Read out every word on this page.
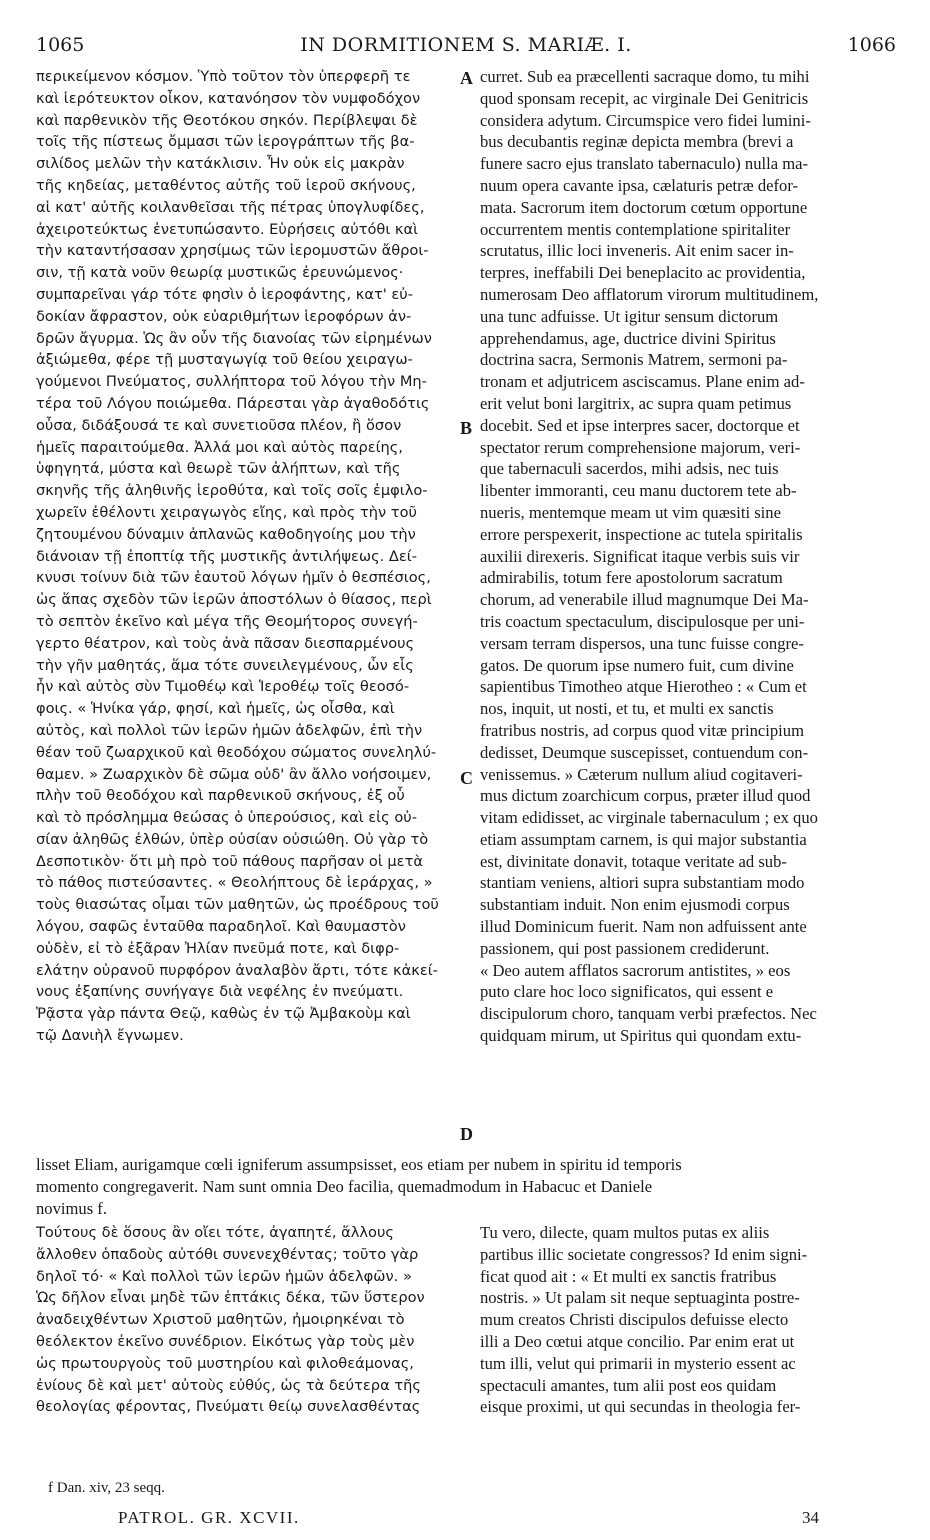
1065	IN DORMITIONEM S. MARIÆ. I.	1066
περικείμενον κόσμον. Ὑπὸ τοῦτον τὸν ὑπερφερῆ τε
καὶ ἱερότευκτον οἶκον, κατανόησον τὸν νυμφοδόχον
καὶ παρθενικὸν τῆς Θεοτόκου σηκόν. Περίβλεψαι δὲ
τοῖς τῆς πίστεως ὄμμασι τῶν ἱερογράπτων τῆς βα-
σιλίδος μελῶν τὴν κατάκλισιν. Ἦν οὐκ εἰς μακρὰν
τῆς κηδείας, μεταθέντος αὐτῆς τοῦ ἱεροῦ σκήνους,
αἱ κατ' αὐτῆς κοιλανθεῖσαι τῆς πέτρας ὑπογλυφίδες,
ἀχειροτεύκτως ἐνετυπώσαντο. Εὑρήσεις αὐτόθι καὶ
τὴν καταντήσασαν χρησίμως τῶν ἱερομυστῶν ἄθροι-
σιν, τῇ κατὰ νοῦν θεωρίᾳ μυστικῶς ἐρευνώμενος·
συμπαρεῖναι γάρ τότε φησὶν ὁ ἱεροφάντης, κατ' εὐ-
δοκίαν ἄφραστον, οὐκ εὐαριθμήτων ἱεροφόρων ἀν-
δρῶν ἄγυρμα. Ὡς ἂν οὖν τῆς διανοίας τῶν εἰρημένων
ἀξιώμεθα, φέρε τῇ μυσταγωγίᾳ τοῦ θείου χειραγω-
γούμενοι Πνεύματος, συλλήπτορα τοῦ λόγου τὴν Μη-
τέρα τοῦ Λόγου ποιώμεθα. Πάρεσται γὰρ ἀγαθοδότις
οὖσα, διδάξουσά τε καὶ συνετιοῦσα πλέον, ἢ ὅσον
ἡμεῖς παραιτούμεθα. Ἀλλά μοι καὶ αὐτὸς παρείης,
ὑφηγητά, μύστα καὶ θεωρὲ τῶν ἀλήπτων, καὶ τῆς
σκηνῆς τῆς ἀληθινῆς ἱεροθύτα, καὶ τοῖς σοῖς ἐμφιλο-
χωρεῖν ἐθέλοντι χειραγωγὸς εἴης, καὶ πρὸς τὴν τοῦ
ζητουμένου δύναμιν ἀπλανῶς καθοδηγοίης μου τὴν
διάνοιαν τῇ ἐποπτίᾳ τῆς μυστικῆς ἀντιλήψεως. Δεί-
κνυσι τοίνυν διὰ τῶν ἑαυτοῦ λόγων ἡμῖν ὁ θεσπέσιος,
ὡς ἅπας σχεδὸν τῶν ἱερῶν ἀποστόλων ὁ θίασος, περὶ
τὸ σεπτὸν ἐκεῖνο καὶ μέγα τῆς Θεομήτορος συνεγή-
γερτο θέατρον, καὶ τοὺς ἀνὰ πᾶσαν διεσπαρμένους
τὴν γῆν μαθητάς, ἅμα τότε συνειλεγμένους, ὧν εἷς
ἦν καὶ αὐτὸς σὺν Τιμοθέῳ καὶ Ἱεροθέῳ τοῖς θεοσό-
φοις. « Ἡνίκα γάρ, φησί, καὶ ἡμεῖς, ὡς οἶσθα, καὶ
αὐτὸς, καὶ πολλοὶ τῶν ἱερῶν ἡμῶν ἀδελφῶν, ἐπὶ τὴν
θέαν τοῦ ζωαρχικοῦ καὶ θεοδόχου σώματος συνεληλύ-
θαμεν. » Ζωαρχικὸν δὲ σῶμα οὐδ' ἂν ἄλλο νοήσοιμεν,
πλὴν τοῦ θεοδόχου καὶ παρθενικοῦ σκήνους, ἐξ οὗ
καὶ τὸ πρόσλημμα θεώσας ὁ ὑπερούσιος, καὶ εἰς οὐ-
σίαν ἀληθῶς ἐλθών, ὑπὲρ οὐσίαν οὐσιώθη. Οὐ γὰρ τὸ
Δεσποτικὸν· ὅτι μὴ πρὸ τοῦ πάθους παρῆσαν οἱ μετὰ
τὸ πάθος πιστεύσαντες. « Θεολήπτους δὲ ἱεράρχας, »
τοὺς θιασώτας οἶμαι τῶν μαθητῶν, ὡς προέδρους τοῦ
λόγου, σαφῶς ἐνταῦθα παραδηλοῖ. Καὶ θαυμαστὸν
οὐδὲν, εἰ τὸ ἐξᾶραν Ἠλίαν πνεῦμά ποτε, καὶ διφρ-
ελάτην οὐρανοῦ πυρφόρον ἀναλαβὸν ἄρτι, τότε κἀκεί-
νους ἐξαπίνης συνήγαγε διὰ νεφέλης ἐν πνεύματι.
Ῥᾷστα γὰρ πάντα Θεῷ, καθὼς ἐν τῷ Ἀμβακοὺμ καὶ
τῷ Δανιὴλ ἔγνωμεν.
curret. Sub ea præcellenti sacraque domo, tu mihi
quod sponsam recepit, ac virginale Dei Genitricis
considera adytum. Circumspice vero fidei lumini-
bus decubantis reginæ depicta membra (brevi a
funere sacro ejus translato tabernaculo) nulla ma-
nuum opera cavante ipsa, cælaturis petræ defor-
mata. Sacrorum item doctorum cœtum opportune
occurrentem mentis contemplatione spiritaliter
scrutatus, illic loci inveneris. Ait enim sacer in-
terpres, ineffabili Dei beneplacito ac providentia,
numerosam Deo afflatorum virorum multitudinem,
una tunc adfuisse. Ut igitur sensum dictorum
apprehendamus, age, ductrice divini Spiritus
doctrina sacra, Sermonis Matrem, sermoni pa-
tronam et adjutricem asciscamus. Plane enim ad-
erit velut boni largitrix, ac supra quam petimus
docebit. Sed et ipse interpres sacer, doctorque et
spectator rerum comprehensione majorum, veri-
que tabernaculi sacerdos, mihi adsis, nec tuis
libenter immoranti, ceu manu ductorem tete ab-
nueris, mentemque meam ut vim quæsiti sine
errore perspexerit, inspectione ac tutela spiritalis
auxilii direxeris. Significat itaque verbis suis vir
admirabilis, totum fere apostolorum sacratum
chorum, ad venerabile illud magnumque Dei Ma-
tris coactum spectaculum, discipulosque per uni-
versam terram dispersos, una tunc fuisse congre-
gatos. De quorum ipse numero fuit, cum divine
sapientibus Timotheo atque Hierotheo : « Cum et
nos, inquit, ut nosti, et tu, et multi ex sanctis
fratribus nostris, ad corpus quod vitæ principium
dedisset, Deumque suscepisset, contuendum con-
venissemus. » Cæterum nullum aliud cogitaveri-
mus dictum zoarchicum corpus, præter illud quod
vitam edidisset, ac virginale tabernaculum ; ex quo
etiam assumptam carnem, is qui major substantia
est, divinitate donavit, totaque veritate ad sub-
stantiam veniens, altiori supra substantiam modo
substantiam induit. Non enim ejusmodi corpus
illud Dominicum fuerit. Nam non adfuissent ante
passionem, qui post passionem crediderunt.
« Deo autem afflatos sacrorum antistites, » eos
puto clare hoc loco significatos, qui essent e
discipulorum choro, tanquam verbi præfectos. Nec
quidquam mirum, ut Spiritus qui quondam extu-
A
B
C
D
lisset Eliam, aurigamque cœli igniferum assumpsisset, eos etiam per nubem in spiritu id temporis
momento congregaverit. Nam sunt omnia Deo facilia, quemadmodum in Habacuc et Daniele
novimus f.
Τούτους δὲ ὅσους ἂν οἴει τότε, ἀγαπητέ, ἄλλους
ἄλλοθεν ὁπαδοὺς αὐτόθι συνενεχθέντας; τοῦτο γὰρ
δηλοῖ τό· « Καὶ πολλοὶ τῶν ἱερῶν ἡμῶν ἀδελφῶν. »
Ὡς δῆλον εἶναι μηδὲ τῶν ἑπτάκις δέκα, τῶν ὕστερον
ἀναδειχθέντων Χριστοῦ μαθητῶν, ἠμοιρηκέναι τὸ
θεόλεκτον ἐκεῖνο συνέδριον. Εἰκότως γὰρ τοὺς μὲν
ὡς πρωτουργοὺς τοῦ μυστηρίου καὶ φιλοθεάμονας,
ἐνίους δὲ καὶ μετ' αὐτοὺς εὐθύς, ὡς τὰ δεύτερα τῆς
θεολογίας φέροντας, Πνεύματι θείῳ συνελασθέντας
Tu vero, dilecte, quam multos putas ex aliis
partibus illic societate congressos? Id enim signi-
ficat quod ait : « Et multi ex sanctis fratribus
nostris. » Ut palam sit neque septuaginta postre-
mum creatos Christi discipulos defuisse electo
illi a Deo cœtui atque concilio. Par enim erat ut
tum illi, velut qui primarii in mysterio essent ac
spectaculi amantes, tum alii post eos quidam
eisque proximi, ut qui secundas in theologia fer-
f Dan. xiv, 23 seqq.
PATROL. GR. XCVII.	34
